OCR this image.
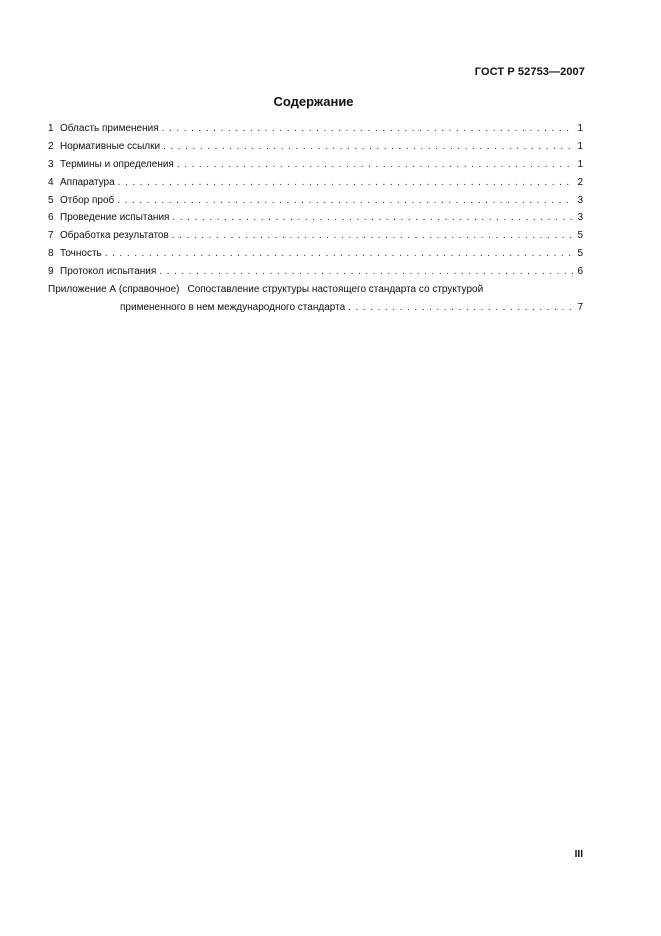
ГОСТ Р 52753—2007
Содержание
1 Область применения . . .	1
2 Нормативные ссылки . . .	1
3 Термины и определения . . .	1
4 Аппаратура . . .	2
5 Отбор проб . . .	3
6 Проведение испытания . . .	3
7 Обработка результатов . . .	5
8 Точность . . .	5
9 Протокол испытания . . .	6
Приложение А (справочное) Сопоставление структуры настоящего стандарта со структурой
примененного в нем международного стандарта . . .	7
III
